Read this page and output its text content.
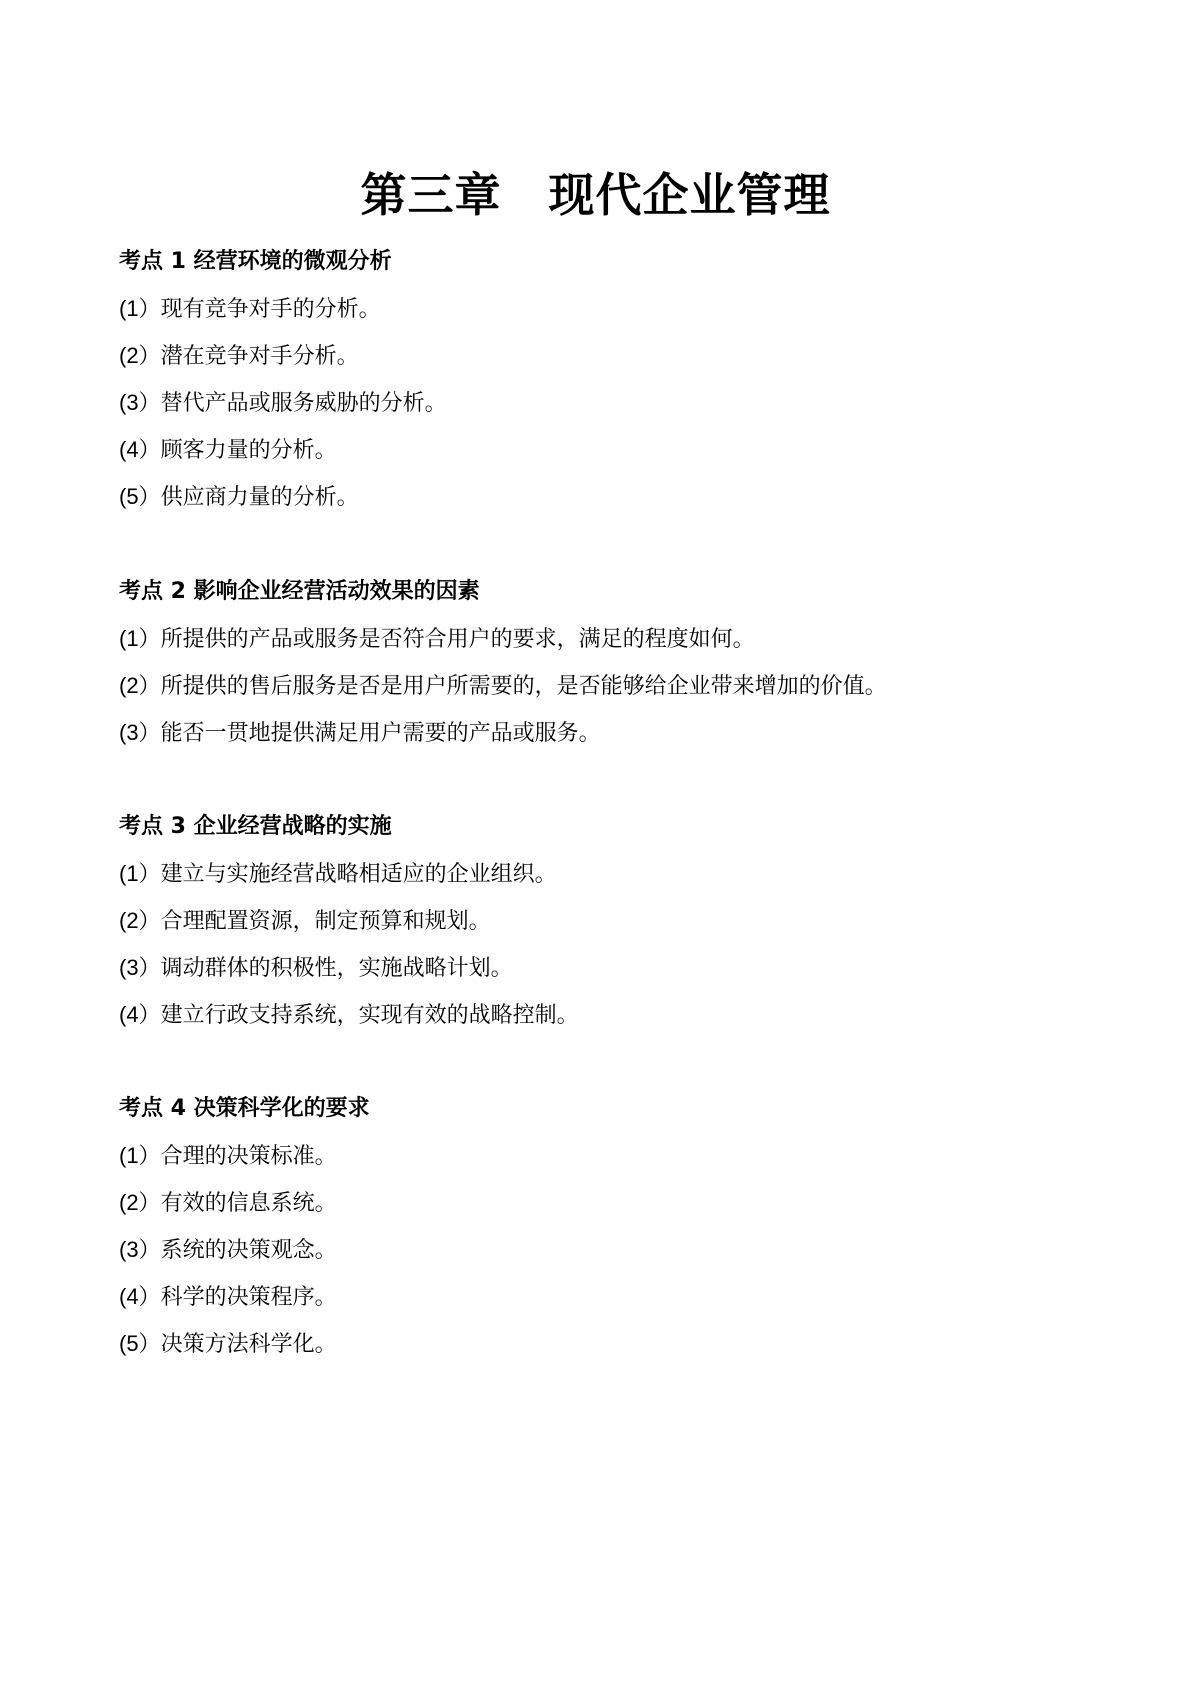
第三章　现代企业管理
考点 1 经营环境的微观分析
(1）现有竞争对手的分析。
(2）潜在竞争对手分析。
(3）替代产品或服务威胁的分析。
(4）顾客力量的分析。
(5）供应商力量的分析。
考点 2 影响企业经营活动效果的因素
(1）所提供的产品或服务是否符合用户的要求，满足的程度如何。
(2）所提供的售后服务是否是用户所需要的，是否能够给企业带来增加的价值。
(3）能否一贯地提供满足用户需要的产品或服务。
考点 3 企业经营战略的实施
(1）建立与实施经营战略相适应的企业组织。
(2）合理配置资源，制定预算和规划。
(3）调动群体的积极性，实施战略计划。
(4）建立行政支持系统，实现有效的战略控制。
考点 4 决策科学化的要求
(1）合理的决策标准。
(2）有效的信息系统。
(3）系统的决策观念。
(4）科学的决策程序。
(5）决策方法科学化。
